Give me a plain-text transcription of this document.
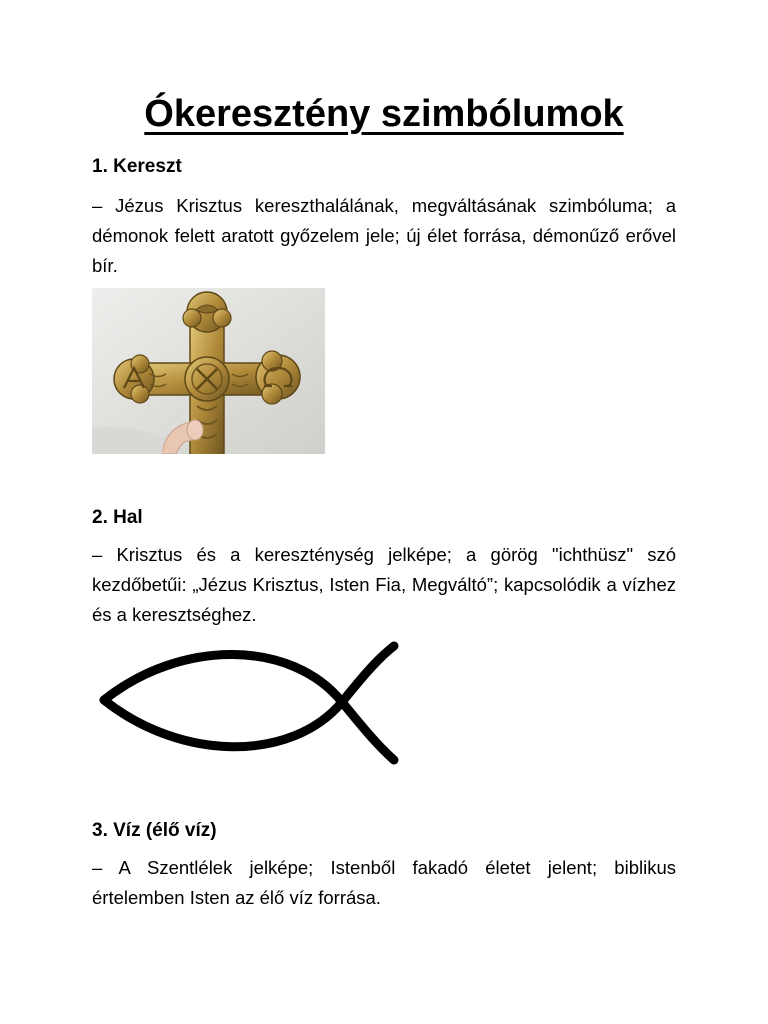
Ókeresztény szimbólumok
1. Kereszt

– Jézus Krisztus kereszthalálának, megváltásának szimbóluma; a démonok felett aratott győzelem jele; új élet forrása, démonűző erővel bír.

2. Hal

– Krisztus és a kereszténység jelképe; a görög "ichthüsz" szó kezdőbetűi: „Jézus Krisztus, Isten Fia, Megváltó”; kapcsolódik a vízhez és a keresztséghez.

3. Víz (élő víz)

– A Szentlélek jelképe; Istenből fakadó életet jelent; biblikus értelemben Isten az élő víz forrása.
